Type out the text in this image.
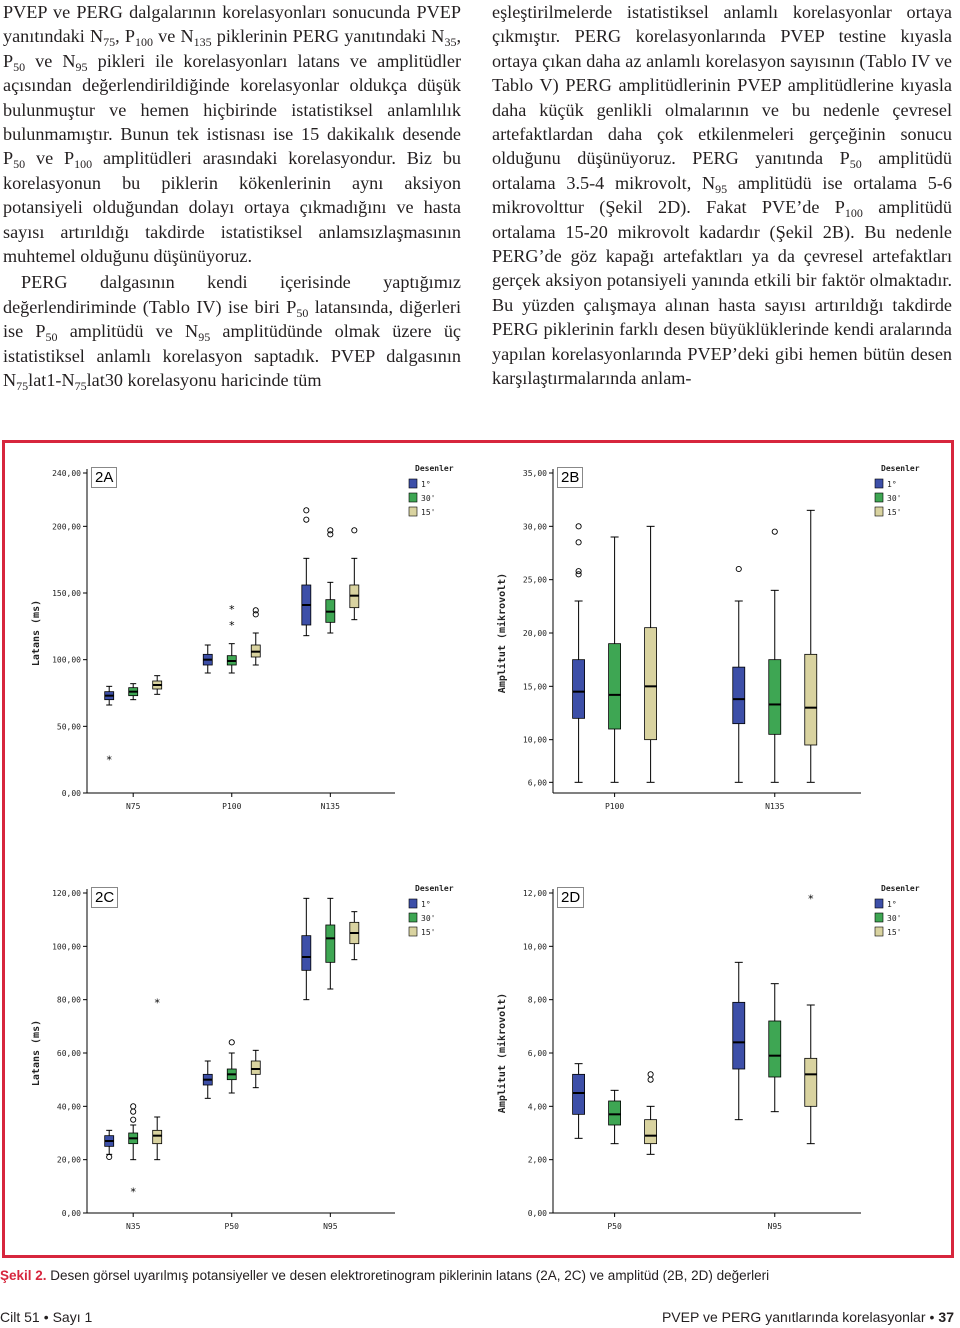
PVEP ve PERG dalgalarının korelasyonları sonucunda PVEP yanıtındaki $N_{75}$, $P_{100}$ ve $N_{135}$ piklerinin PERG yanıtındaki $N_{35}$, $P_{50}$ ve $N_{95}$ pikleri ile korelasyonları latans ve amplitüdler açısından değerlendirildiğinde korelasyonlar oldukça düşük bulunmuştur ve hemen hiçbirinde istatistiksel anlamlılık bulunmamıştır. Bunun tek istisnası ise 15 dakikalık desende $P_{50}$ ve $P_{100}$ amplitüdleri arasındaki korelasyondur. Biz bu korelasyonun bu piklerin kökenlerinin aynı aksiyon potansiyeli olduğundan dolayı ortaya çıkmadığını ve hasta sayısı artırıldığı takdirde istatistiksel anlamsızlaşmasının muhtemel olduğunu düşünüyoruz.

PERG dalgasının kendi içerisinde yaptığımız değerlendiriminde (Tablo IV) ise biri $P_{50}$ latansında, diğerleri ise $P_{50}$ amplitüdü ve $N_{95}$ amplitüdünde olmak üzere üç istatistiksel anlamlı korelasyon saptadık. PVEP dalgasının $N_{75}lat1-N_{75}lat30$ korelasyonu haricinde tüm

eşleştirilmelerde istatistiksel anlamlı korelasyonlar ortaya çıkmıştır. PERG korelasyonlarında PVEP testine kıyasla ortaya çıkan daha az anlamlı korelasyon sayısının (Tablo IV ve Tablo V) PERG amplitüdlerinin PVEP amplitüdlerine kıyasla daha küçük genlikli olmalarının ve bu nedenle çevresel artefaktlardan daha çok etkilenmeleri gerçeğinin sonucu olduğunu düşünüyoruz. PERG yanıtında $P_{50}$ amplitüdü ortalama 3.5-4 mikrovolt, $N_{95}$ amplitüdü ise ortalama 5-6 mikrovolttur (Şekil 2D). Fakat PVE’de $P_{100}$ amplitüdü ortalama 15-20 mikrovolt kadardır (Şekil 2B). Bu nedenle PERG’de göz kapağı artefaktları ya da çevresel artefaktları gerçek aksiyon potansiyeli yanında etkili bir faktör olmaktadır. Bu yüzden çalışmaya alınan hasta sayısı artırıldığı takdirde PERG piklerinin farklı desen büyüklüklerinde kendi aralarında yapılan korelasyonlarında PVEP’deki gibi hemen bütün desen karşılaştırmalarında anlam-

0,00
50,00
100,00
150,00
200,00
240,00
Latans (ms)
N75	P100	N135
*
*
*
Desenler
1°
30'
15'
2A
6,00
10,00
15,00
20,00
25,00
30,00
35,00
Amplitut (mikrovolt)
P100	N135
Desenler
1°
30'
15'
2B
0,00
20,00
40,00
60,00
80,00
100,00
120,00
Latans (ms)
N35	P50	N95
*
*
Desenler
1°
30'
15'
2C
0,00
2,00
4,00
6,00
8,00
10,00
12,00
Amplitut (mikrovolt)
P50	N95
*
Desenler
1°
30'
15'
2D
Şekil 2. Desen görsel uyarılmış potansiyeller ve desen elektroretinogram piklerinin latans (2A, 2C) ve amplitüd (2B, 2D) değerleri
Cilt 51 • Sayı 1	PVEP ve PERG yanıtlarında korelasyonlar • 37
